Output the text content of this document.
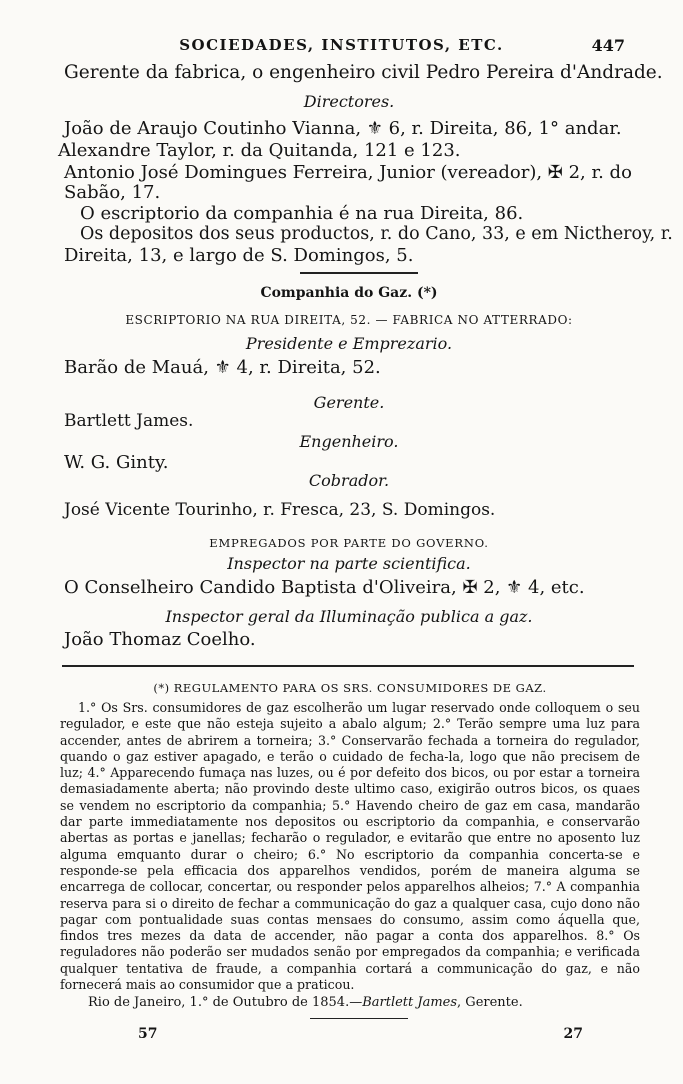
SOCIEDADES, INSTITUTOS, ETC.	447
Gerente da fabrica, o engenheiro civil Pedro Pereira d'Andrade.
Directores.
João de Araujo Coutinho Vianna, ⚜ 6, r. Direita, 86, 1° andar.
Alexandre Taylor, r. da Quitanda, 121 e 123.
Antonio José Domingues Ferreira, Junior (vereador), ✠ 2, r. do
Sabão, 17.
O escriptorio da companhia é na rua Direita, 86.
Os depositos dos seus productos, r. do Cano, 33, e em Nictheroy, r.
Direita, 13, e largo de S. Domingos, 5.
Companhia do Gaz. (*)
ESCRIPTORIO NA RUA DIREITA, 52. — FABRICA NO ATTERRADO:
Presidente e Emprezario.
Barão de Mauá, ⚜ 4, r. Direita, 52.
Gerente.
Bartlett James.
Engenheiro.
W. G. Ginty.
Cobrador.
José Vicente Tourinho, r. Fresca, 23, S. Domingos.
EMPREGADOS POR PARTE DO GOVERNO.
Inspector na parte scientifica.
O Conselheiro Candido Baptista d'Oliveira, ✠ 2, ⚜ 4, etc.
Inspector geral da Illuminação publica a gaz.
João Thomaz Coelho.
(*) REGULAMENTO PARA OS SRS. CONSUMIDORES DE GAZ.

1.° Os Srs. consumidores de gaz escolherão um lugar reservado onde colloquem o seu regulador, e este que não esteja sujeito a abalo algum; 2.° Terão sempre uma luz para accender, antes de abrirem a torneira; 3.° Conservarão fechada a torneira do regulador, quando o gaz estiver apagado, e terão o cuidado de fecha-la, logo que não precisem de luz; 4.° Apparecendo fumaça nas luzes, ou é por defeito dos bicos, ou por estar a torneira demasiadamente aberta; não provindo deste ultimo caso, exigirão outros bicos, os quaes se vendem no escriptorio da companhia; 5.° Havendo cheiro de gaz em casa, mandarão dar parte immediatamente nos depositos ou escriptorio da companhia, e conservarão abertas as portas e janellas; fecharão o regulador, e evitarão que entre no aposento luz alguma emquanto durar o cheiro; 6.° No escriptorio da companhia concerta-se e responde-se pela efficacia dos apparelhos vendidos, porém de maneira alguma se encarrega de collocar, concertar, ou responder pelos apparelhos alheios; 7.° A companhia reserva para si o direito de fechar a communicação do gaz a qualquer casa, cujo dono não pagar com pontualidade suas contas mensaes do consumo, assim como áquella que, findos tres mezes da data de accender, não pagar a conta dos apparelhos. 8.° Os reguladores não poderão ser mudados senão por empregados da companhia; e verificada qualquer tentativa de fraude, a companhia cortará a communicação do gaz, e não fornecerá mais ao consumidor que a praticou.

Rio de Janeiro, 1.° de Outubro de 1854.—Bartlett James, Gerente.

57	27
